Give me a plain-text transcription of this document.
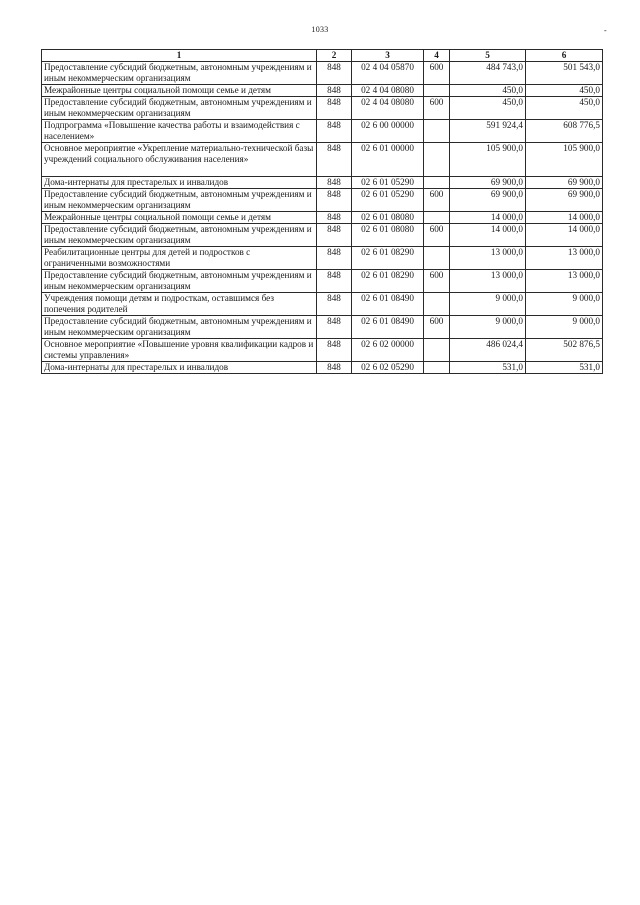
1033	-
1	2	3	4	5	6
Предоставление субсидий бюджетным, автономным учреждениям и иным некоммерческим организациям	848	02 4 04 05870	600	484 743,0	501 543,0
Межрайонные центры социальной помощи семье и детям	848	02 4 04 08080		450,0	450,0
Предоставление субсидий бюджетным, автономным учреждениям и иным некоммерческим организациям	848	02 4 04 08080	600	450,0	450,0
Подпрограмма «Повышение качества работы и взаимодействия с населением»	848	02 6 00 00000		591 924,4	608 776,5
Основное мероприятие «Укрепление материально-технической базы учреждений социального обслуживания населения»	848	02 6 01 00000		105 900,0	105 900,0
Дома-интернаты для престарелых и инвалидов	848	02 6 01 05290		69 900,0	69 900,0
Предоставление субсидий бюджетным, автономным учреждениям и иным некоммерческим организациям	848	02 6 01 05290	600	69 900,0	69 900,0
Межрайонные центры социальной помощи семье и детям	848	02 6 01 08080		14 000,0	14 000,0
Предоставление субсидий бюджетным, автономным учреждениям и иным некоммерческим организациям	848	02 6 01 08080	600	14 000,0	14 000,0
Реабилитационные центры для детей и подростков с ограниченными возможностями	848	02 6 01 08290		13 000,0	13 000,0
Предоставление субсидий бюджетным, автономным учреждениям и иным некоммерческим организациям	848	02 6 01 08290	600	13 000,0	13 000,0
Учреждения помощи детям и подросткам, оставшимся без попечения родителей	848	02 6 01 08490		9 000,0	9 000,0
Предоставление субсидий бюджетным, автономным учреждениям и иным некоммерческим организациям	848	02 6 01 08490	600	9 000,0	9 000,0
Основное мероприятие «Повышение уровня квалификации кадров и системы управления»	848	02 6 02 00000		486 024,4	502 876,5
Дома-интернаты для престарелых и инвалидов	848	02 6 02 05290		531,0	531,0
